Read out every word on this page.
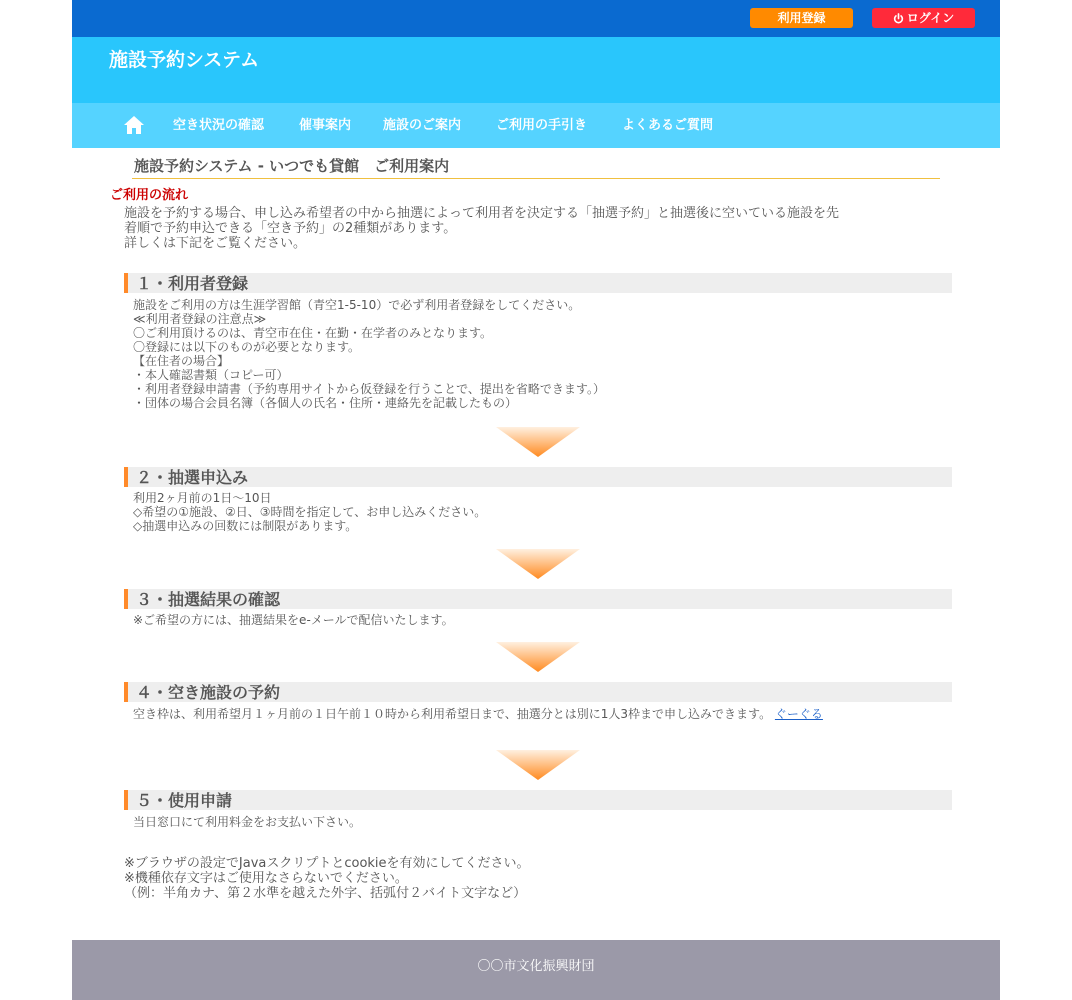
利用登録	ログイン
施設予約システム
空き状況の確認	催事案内 施設のご案内	ご利用の手引き	よくあるご質問
施設予約システム - いつでも貸館　ご利用案内
ご利用の流れ

施設を予約する場合、申し込み希望者の中から抽選によって利用者を決定する「抽選予約」と抽選後に空いている施設を先

着順で予約申込できる「空き予約」の2種類があります。

詳しくは下記をご覧ください。

１・利用者登録

施設をご利用の方は生涯学習館（青空1-5-10）で必ず利用者登録をしてください。

≪利用者登録の注意点≫

〇ご利用頂けるのは、青空市在住・在勤・在学者のみとなります。

〇登録には以下のものが必要となります。

【在住者の場合】

・本人確認書類（コピー可）

・利用者登録申請書（予約専用サイトから仮登録を行うことで、提出を省略できます。）

・団体の場合会員名簿（各個人の氏名・住所・連絡先を記載したもの）

２・抽選申込み

利用2ヶ月前の1日～10日

◇希望の①施設、②日、③時間を指定して、お申し込みください。

◇抽選申込みの回数には制限があります。

３・抽選結果の確認

※ご希望の方には、抽選結果をe-メールで配信いたします。

４・空き施設の予約

空き枠は、利用希望月１ヶ月前の１日午前１０時から利用希望日まで、抽選分とは別に1人3枠まで申し込みできます。 ぐーぐる

５・使用申請

当日窓口にて利用料金をお支払い下さい。

※ブラウザの設定でJavaスクリプトとcookieを有効にしてください。

※機種依存文字はご使用なさらないでください。

（例：半角カナ、第２水準を越えた外字、括弧付２バイト文字など）

〇〇市文化振興財団
